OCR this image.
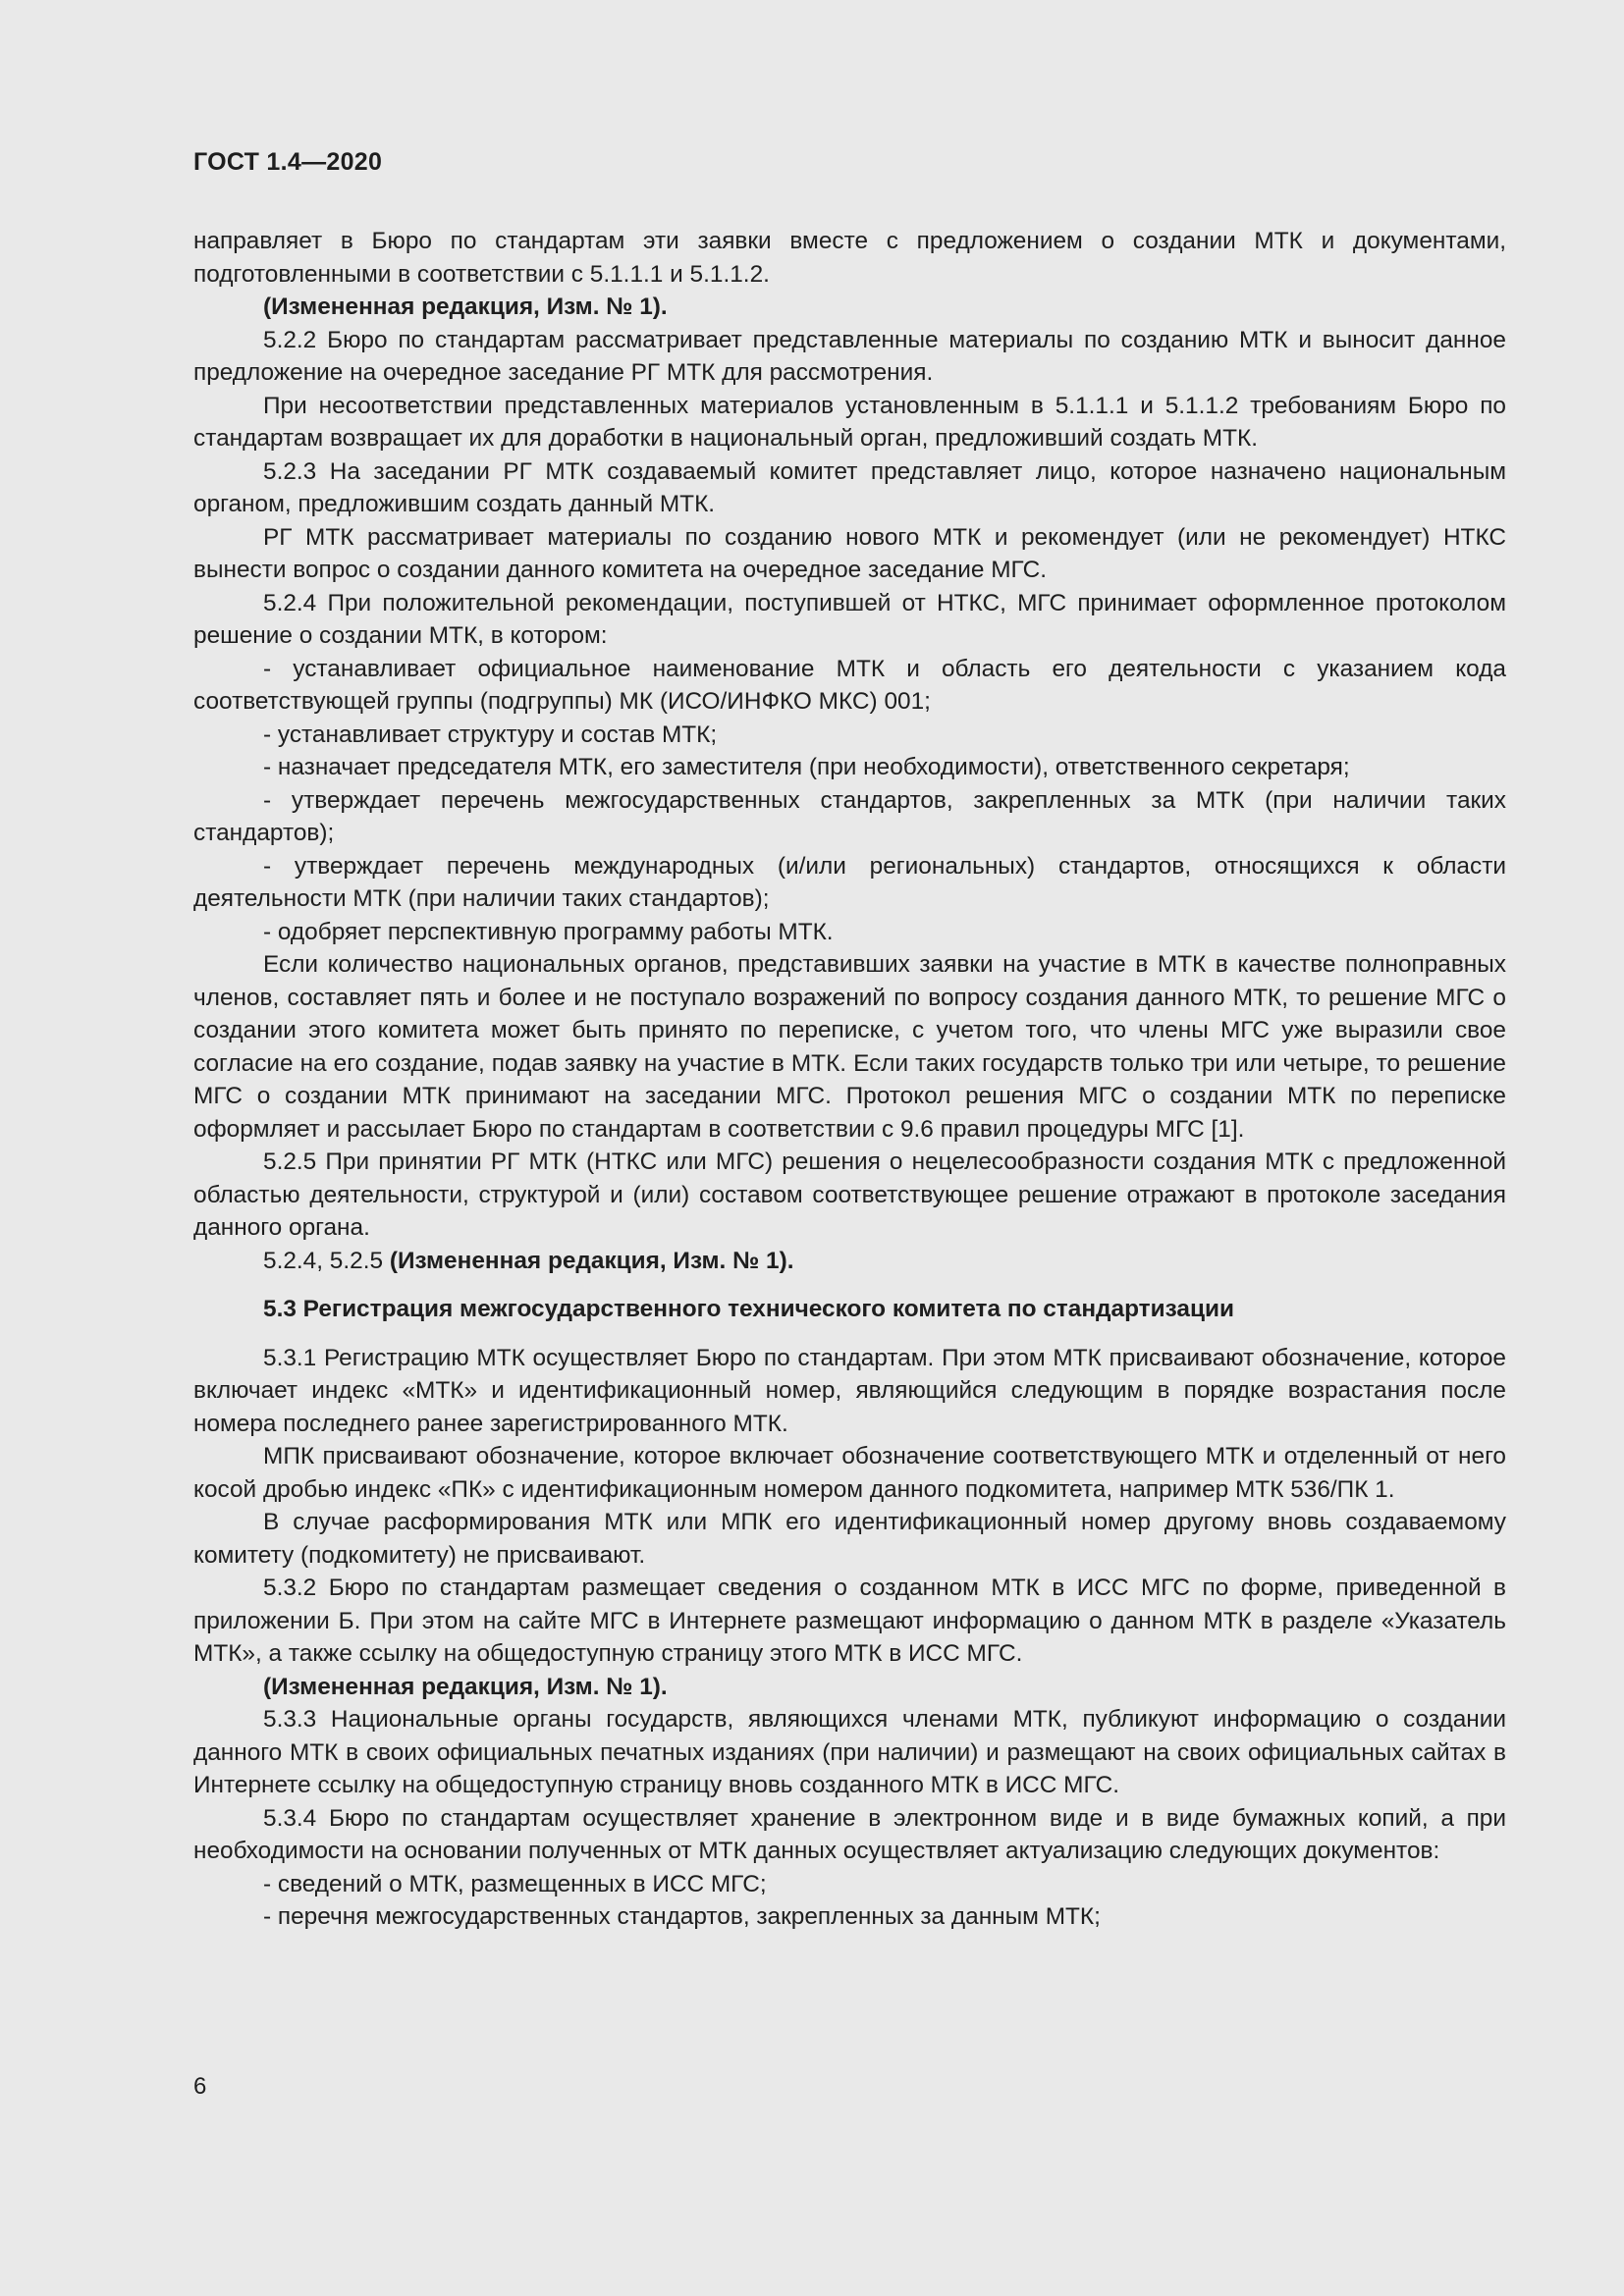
ГОСТ 1.4—2020

направляет в Бюро по стандартам эти заявки вместе с предложением о создании МТК и документами, подготовленными в соответствии с 5.1.1.1 и 5.1.1.2.

(Измененная редакция, Изм. № 1).

5.2.2 Бюро по стандартам рассматривает представленные материалы по созданию МТК и выносит данное предложение на очередное заседание РГ МТК для рассмотрения.

При несоответствии представленных материалов установленным в 5.1.1.1 и 5.1.1.2 требованиям Бюро по стандартам возвращает их для доработки в национальный орган, предложивший создать МТК.

5.2.3 На заседании РГ МТК создаваемый комитет представляет лицо, которое назначено национальным органом, предложившим создать данный МТК.

РГ МТК рассматривает материалы по созданию нового МТК и рекомендует (или не рекомендует) НТКС вынести вопрос о создании данного комитета на очередное заседание МГС.

5.2.4 При положительной рекомендации, поступившей от НТКС, МГС принимает оформленное протоколом решение о создании МТК, в котором:

- устанавливает официальное наименование МТК и область его деятельности с указанием кода соответствующей группы (подгруппы) МК (ИСО/ИНФКО МКС) 001;

- устанавливает структуру и состав МТК;

- назначает председателя МТК, его заместителя (при необходимости), ответственного секретаря;

- утверждает перечень межгосударственных стандартов, закрепленных за МТК (при наличии таких стандартов);

- утверждает перечень международных (и/или региональных) стандартов, относящихся к области деятельности МТК (при наличии таких стандартов);

- одобряет перспективную программу работы МТК.

Если количество национальных органов, представивших заявки на участие в МТК в качестве полноправных членов, составляет пять и более и не поступало возражений по вопросу создания данного МТК, то решение МГС о создании этого комитета может быть принято по переписке, с учетом того, что члены МГС уже выразили свое согласие на его создание, подав заявку на участие в МТК. Если таких государств только три или четыре, то решение МГС о создании МТК принимают на заседании МГС. Протокол решения МГС о создании МТК по переписке оформляет и рассылает Бюро по стандартам в соответствии с 9.6 правил процедуры МГС [1].

5.2.5 При принятии РГ МТК (НТКС или МГС) решения о нецелесообразности создания МТК с предложенной областью деятельности, структурой и (или) составом соответствующее решение отражают в протоколе заседания данного органа.

5.2.4, 5.2.5 (Измененная редакция, Изм. № 1).

5.3 Регистрация межгосударственного технического комитета по стандартизации

5.3.1 Регистрацию МТК осуществляет Бюро по стандартам. При этом МТК присваивают обозначение, которое включает индекс «МТК» и идентификационный номер, являющийся следующим в порядке возрастания после номера последнего ранее зарегистрированного МТК.

МПК присваивают обозначение, которое включает обозначение соответствующего МТК и отделенный от него косой дробью индекс «ПК» с идентификационным номером данного подкомитета, например МТК 536/ПК 1.

В случае расформирования МТК или МПК его идентификационный номер другому вновь создаваемому комитету (подкомитету) не присваивают.

5.3.2 Бюро по стандартам размещает сведения о созданном МТК в ИСС МГС по форме, приведенной в приложении Б. При этом на сайте МГС в Интернете размещают информацию о данном МТК в разделе «Указатель МТК», а также ссылку на общедоступную страницу этого МТК в ИСС МГС.

(Измененная редакция, Изм. № 1).

5.3.3 Национальные органы государств, являющихся членами МТК, публикуют информацию о создании данного МТК в своих официальных печатных изданиях (при наличии) и размещают на своих официальных сайтах в Интернете ссылку на общедоступную страницу вновь созданного МТК в ИСС МГС.

5.3.4 Бюро по стандартам осуществляет хранение в электронном виде и в виде бумажных копий, а при необходимости на основании полученных от МТК данных осуществляет актуализацию следующих документов:

- сведений о МТК, размещенных в ИСС МГС;

- перечня межгосударственных стандартов, закрепленных за данным МТК;

6
